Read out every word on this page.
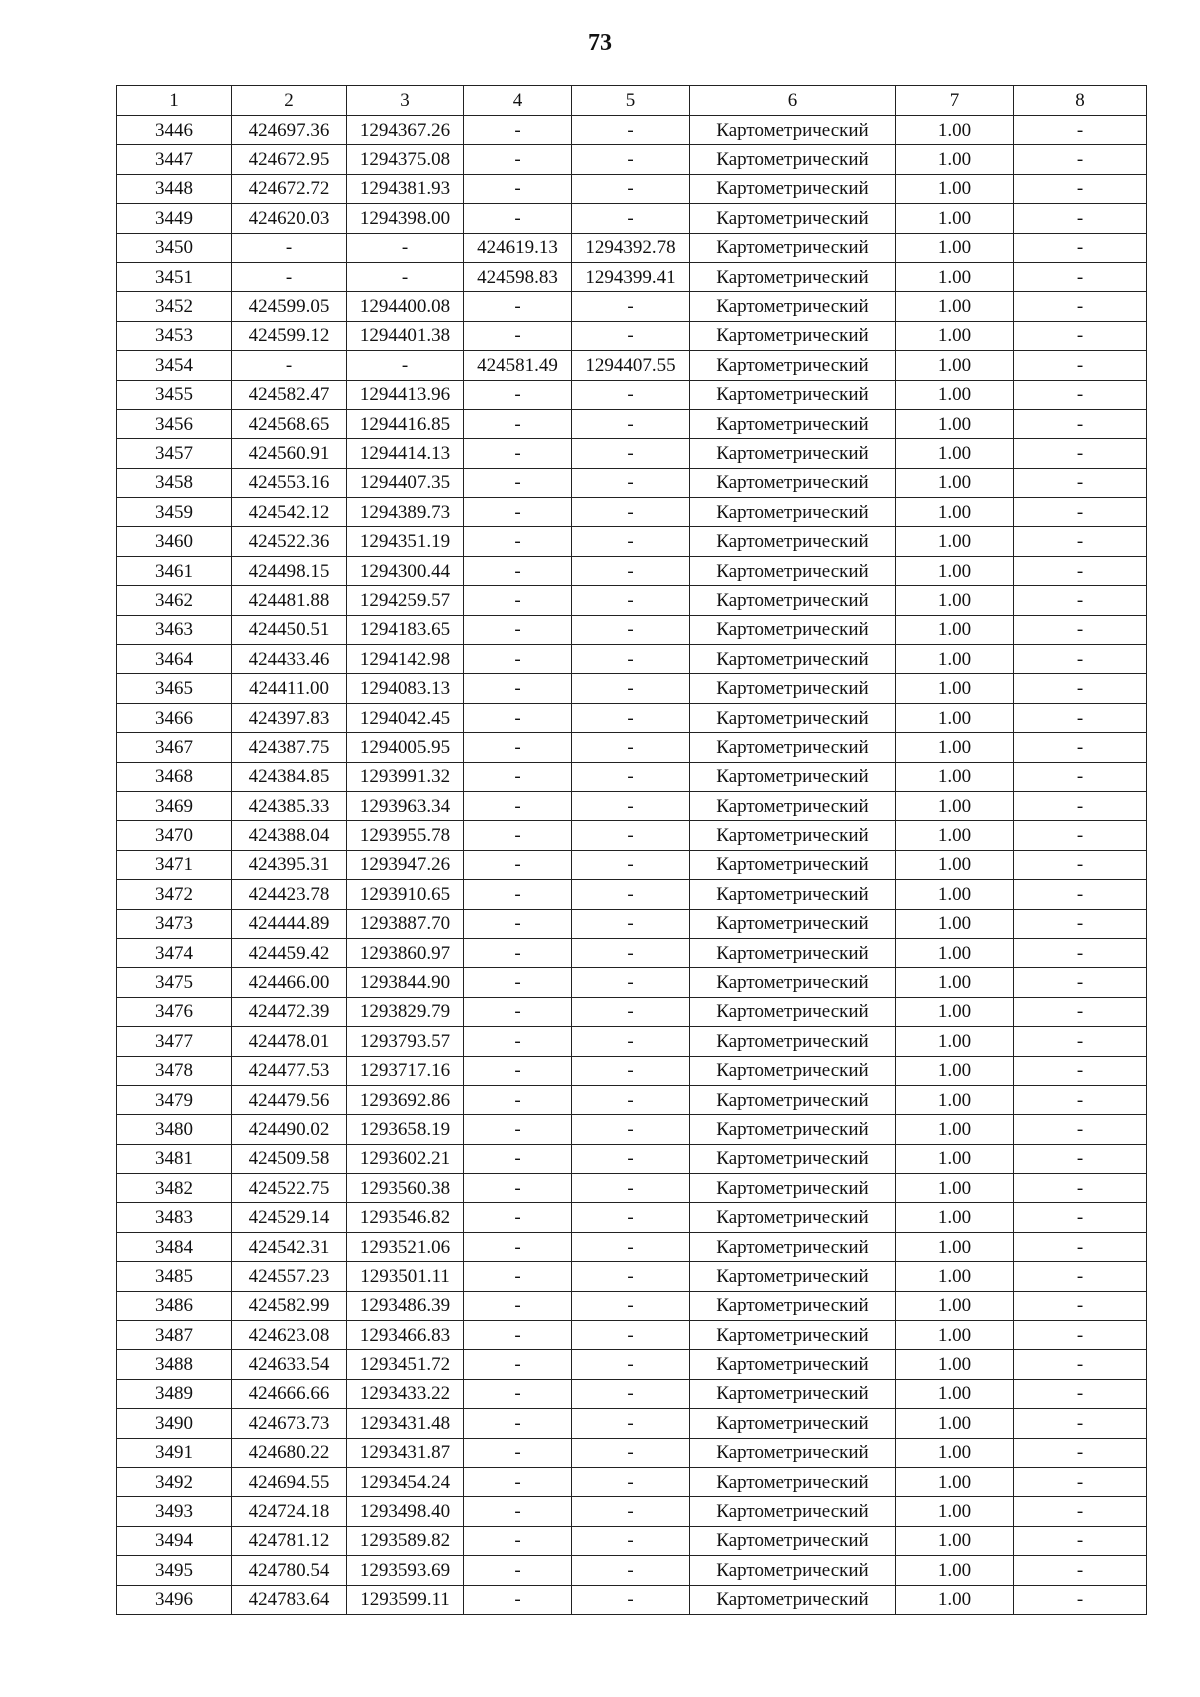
73
1	2	3	4	5	6	7	8
3446	424697.36	1294367.26	-	-	Картометрический	1.00	-
3447	424672.95	1294375.08	-	-	Картометрический	1.00	-
3448	424672.72	1294381.93	-	-	Картометрический	1.00	-
3449	424620.03	1294398.00	-	-	Картометрический	1.00	-
3450	-	-	424619.13	1294392.78	Картометрический	1.00	-
3451	-	-	424598.83	1294399.41	Картометрический	1.00	-
3452	424599.05	1294400.08	-	-	Картометрический	1.00	-
3453	424599.12	1294401.38	-	-	Картометрический	1.00	-
3454	-	-	424581.49	1294407.55	Картометрический	1.00	-
3455	424582.47	1294413.96	-	-	Картометрический	1.00	-
3456	424568.65	1294416.85	-	-	Картометрический	1.00	-
3457	424560.91	1294414.13	-	-	Картометрический	1.00	-
3458	424553.16	1294407.35	-	-	Картометрический	1.00	-
3459	424542.12	1294389.73	-	-	Картометрический	1.00	-
3460	424522.36	1294351.19	-	-	Картометрический	1.00	-
3461	424498.15	1294300.44	-	-	Картометрический	1.00	-
3462	424481.88	1294259.57	-	-	Картометрический	1.00	-
3463	424450.51	1294183.65	-	-	Картометрический	1.00	-
3464	424433.46	1294142.98	-	-	Картометрический	1.00	-
3465	424411.00	1294083.13	-	-	Картометрический	1.00	-
3466	424397.83	1294042.45	-	-	Картометрический	1.00	-
3467	424387.75	1294005.95	-	-	Картометрический	1.00	-
3468	424384.85	1293991.32	-	-	Картометрический	1.00	-
3469	424385.33	1293963.34	-	-	Картометрический	1.00	-
3470	424388.04	1293955.78	-	-	Картометрический	1.00	-
3471	424395.31	1293947.26	-	-	Картометрический	1.00	-
3472	424423.78	1293910.65	-	-	Картометрический	1.00	-
3473	424444.89	1293887.70	-	-	Картометрический	1.00	-
3474	424459.42	1293860.97	-	-	Картометрический	1.00	-
3475	424466.00	1293844.90	-	-	Картометрический	1.00	-
3476	424472.39	1293829.79	-	-	Картометрический	1.00	-
3477	424478.01	1293793.57	-	-	Картометрический	1.00	-
3478	424477.53	1293717.16	-	-	Картометрический	1.00	-
3479	424479.56	1293692.86	-	-	Картометрический	1.00	-
3480	424490.02	1293658.19	-	-	Картометрический	1.00	-
3481	424509.58	1293602.21	-	-	Картометрический	1.00	-
3482	424522.75	1293560.38	-	-	Картометрический	1.00	-
3483	424529.14	1293546.82	-	-	Картометрический	1.00	-
3484	424542.31	1293521.06	-	-	Картометрический	1.00	-
3485	424557.23	1293501.11	-	-	Картометрический	1.00	-
3486	424582.99	1293486.39	-	-	Картометрический	1.00	-
3487	424623.08	1293466.83	-	-	Картометрический	1.00	-
3488	424633.54	1293451.72	-	-	Картометрический	1.00	-
3489	424666.66	1293433.22	-	-	Картометрический	1.00	-
3490	424673.73	1293431.48	-	-	Картометрический	1.00	-
3491	424680.22	1293431.87	-	-	Картометрический	1.00	-
3492	424694.55	1293454.24	-	-	Картометрический	1.00	-
3493	424724.18	1293498.40	-	-	Картометрический	1.00	-
3494	424781.12	1293589.82	-	-	Картометрический	1.00	-
3495	424780.54	1293593.69	-	-	Картометрический	1.00	-
3496	424783.64	1293599.11	-	-	Картометрический	1.00	-
